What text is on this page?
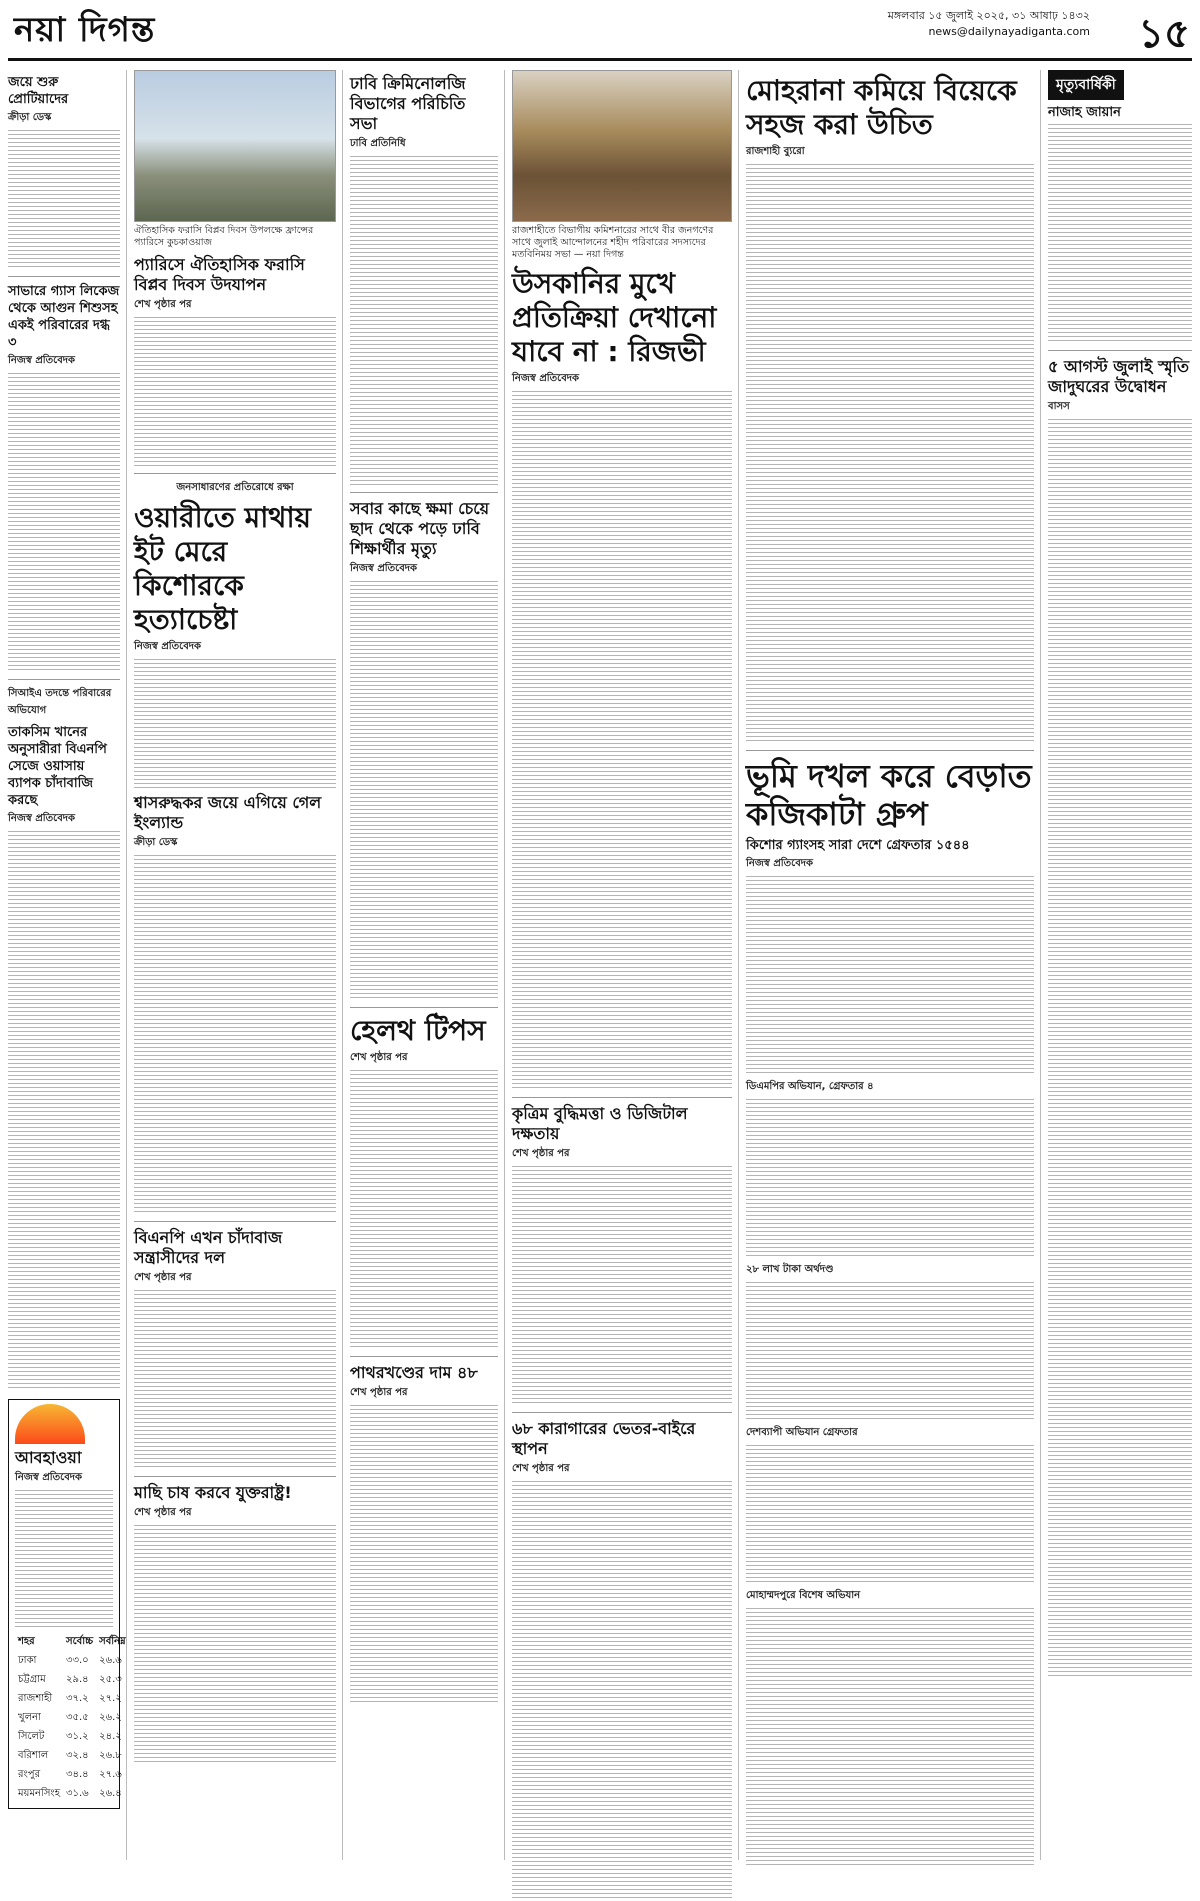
নয়া দিগন্ত	মঙ্গলবার ১৫ জুলাই ২০২৫, ৩১ আষাঢ় ১৪৩২
news@dailynayadiganta.com ১৫
জয়ে শুরু প্রোটিয়াদের
ক্রীড়া ডেস্ক
সাভারে গ্যাস লিকেজ থেকে আগুন শিশুসহ একই পরিবারের দগ্ধ ৩
নিজস্ব প্রতিবেদক
সিআইএ তদন্তে পরিবারের অভিযোগ
তাকসিম খানের অনুসারীরা বিএনপি সেজে ওয়াসায় ব্যাপক চাঁদাবাজি করছে
নিজস্ব প্রতিবেদক
আবহাওয়া
নিজস্ব প্রতিবেদক
শহর	সর্বোচ্চ	সর্বনিম্ন
ঢাকা	৩৩.০	২৬.৬
চট্টগ্রাম	২৯.৪	২৫.৩
রাজশাহী	৩৭.২	২৭.২
খুলনা	৩৫.৫	২৬.২
সিলেট	৩১.২	২৪.২
বরিশাল	৩২.৪	২৬.৮
রংপুর	৩৪.৪	২৭.৬
ময়মনসিংহ	৩১.৬	২৬.৪
ঐতিহাসিক ফরাসি বিপ্লব দিবস উপলক্ষে ফ্রান্সের প্যারিসে কুচকাওয়াজ
প্যারিসে ঐতিহাসিক ফরাসি বিপ্লব দিবস উদযাপন
শেখ পৃষ্ঠার পর
জনসাধারণের প্রতিরোধে রক্ষা
ওয়ারীতে মাথায় ইট মেরে কিশোরকে হত্যাচেষ্টা
নিজস্ব প্রতিবেদক
শ্বাসরুদ্ধকর জয়ে এগিয়ে গেল ইংল্যান্ড
ক্রীড়া ডেস্ক
বিএনপি এখন চাঁদাবাজ সন্ত্রাসীদের দল
শেখ পৃষ্ঠার পর
মাছি চাষ করবে যুক্তরাষ্ট্র!
শেখ পৃষ্ঠার পর
ঢাবি ক্রিমিনোলজি বিভাগের পরিচিতি সভা
ঢাবি প্রতিনিধি
সবার কাছে ক্ষমা চেয়ে ছাদ থেকে পড়ে ঢাবি শিক্ষার্থীর মৃত্যু
নিজস্ব প্রতিবেদক
হেলথ টিপস
শেখ পৃষ্ঠার পর
পাথরখণ্ডের দাম ৪৮
শেখ পৃষ্ঠার পর
রাজশাহীতে বিভাগীয় কমিশনারের সাথে বীর জনগণের সাথে জুলাই আন্দোলনের শহীদ পরিবারের সদস্যদের মতবিনিময় সভা — নয়া দিগন্ত
উসকানির মুখে প্রতিক্রিয়া দেখানো যাবে না : রিজভী
নিজস্ব প্রতিবেদক
কৃত্রিম বুদ্ধিমত্তা ও ডিজিটাল দক্ষতায়
শেখ পৃষ্ঠার পর
৬৮ কারাগারের ভেতর-বাইরে স্থাপন
শেখ পৃষ্ঠার পর
মোহরানা কমিয়ে বিয়েকে সহজ করা উচিত
রাজশাহী ব্যুরো
ভূমি দখল করে বেড়াত কজিকাটা গ্রুপ
কিশোর গ্যাংসহ সারা দেশে গ্রেফতার ১৫৪৪
নিজস্ব প্রতিবেদক
ডিএমপির অভিযান, গ্রেফতার ৪
২৮ লাখ টাকা অর্থদণ্ড
দেশব্যাপী অভিযান গ্রেফতার
মোহাম্মদপুরে বিশেষ অভিযান
মৃত্যুবার্ষিকী
নাজাহ জায়ান
৫ আগস্ট জুলাই স্মৃতি জাদুঘরের উদ্বোধন
বাসস
